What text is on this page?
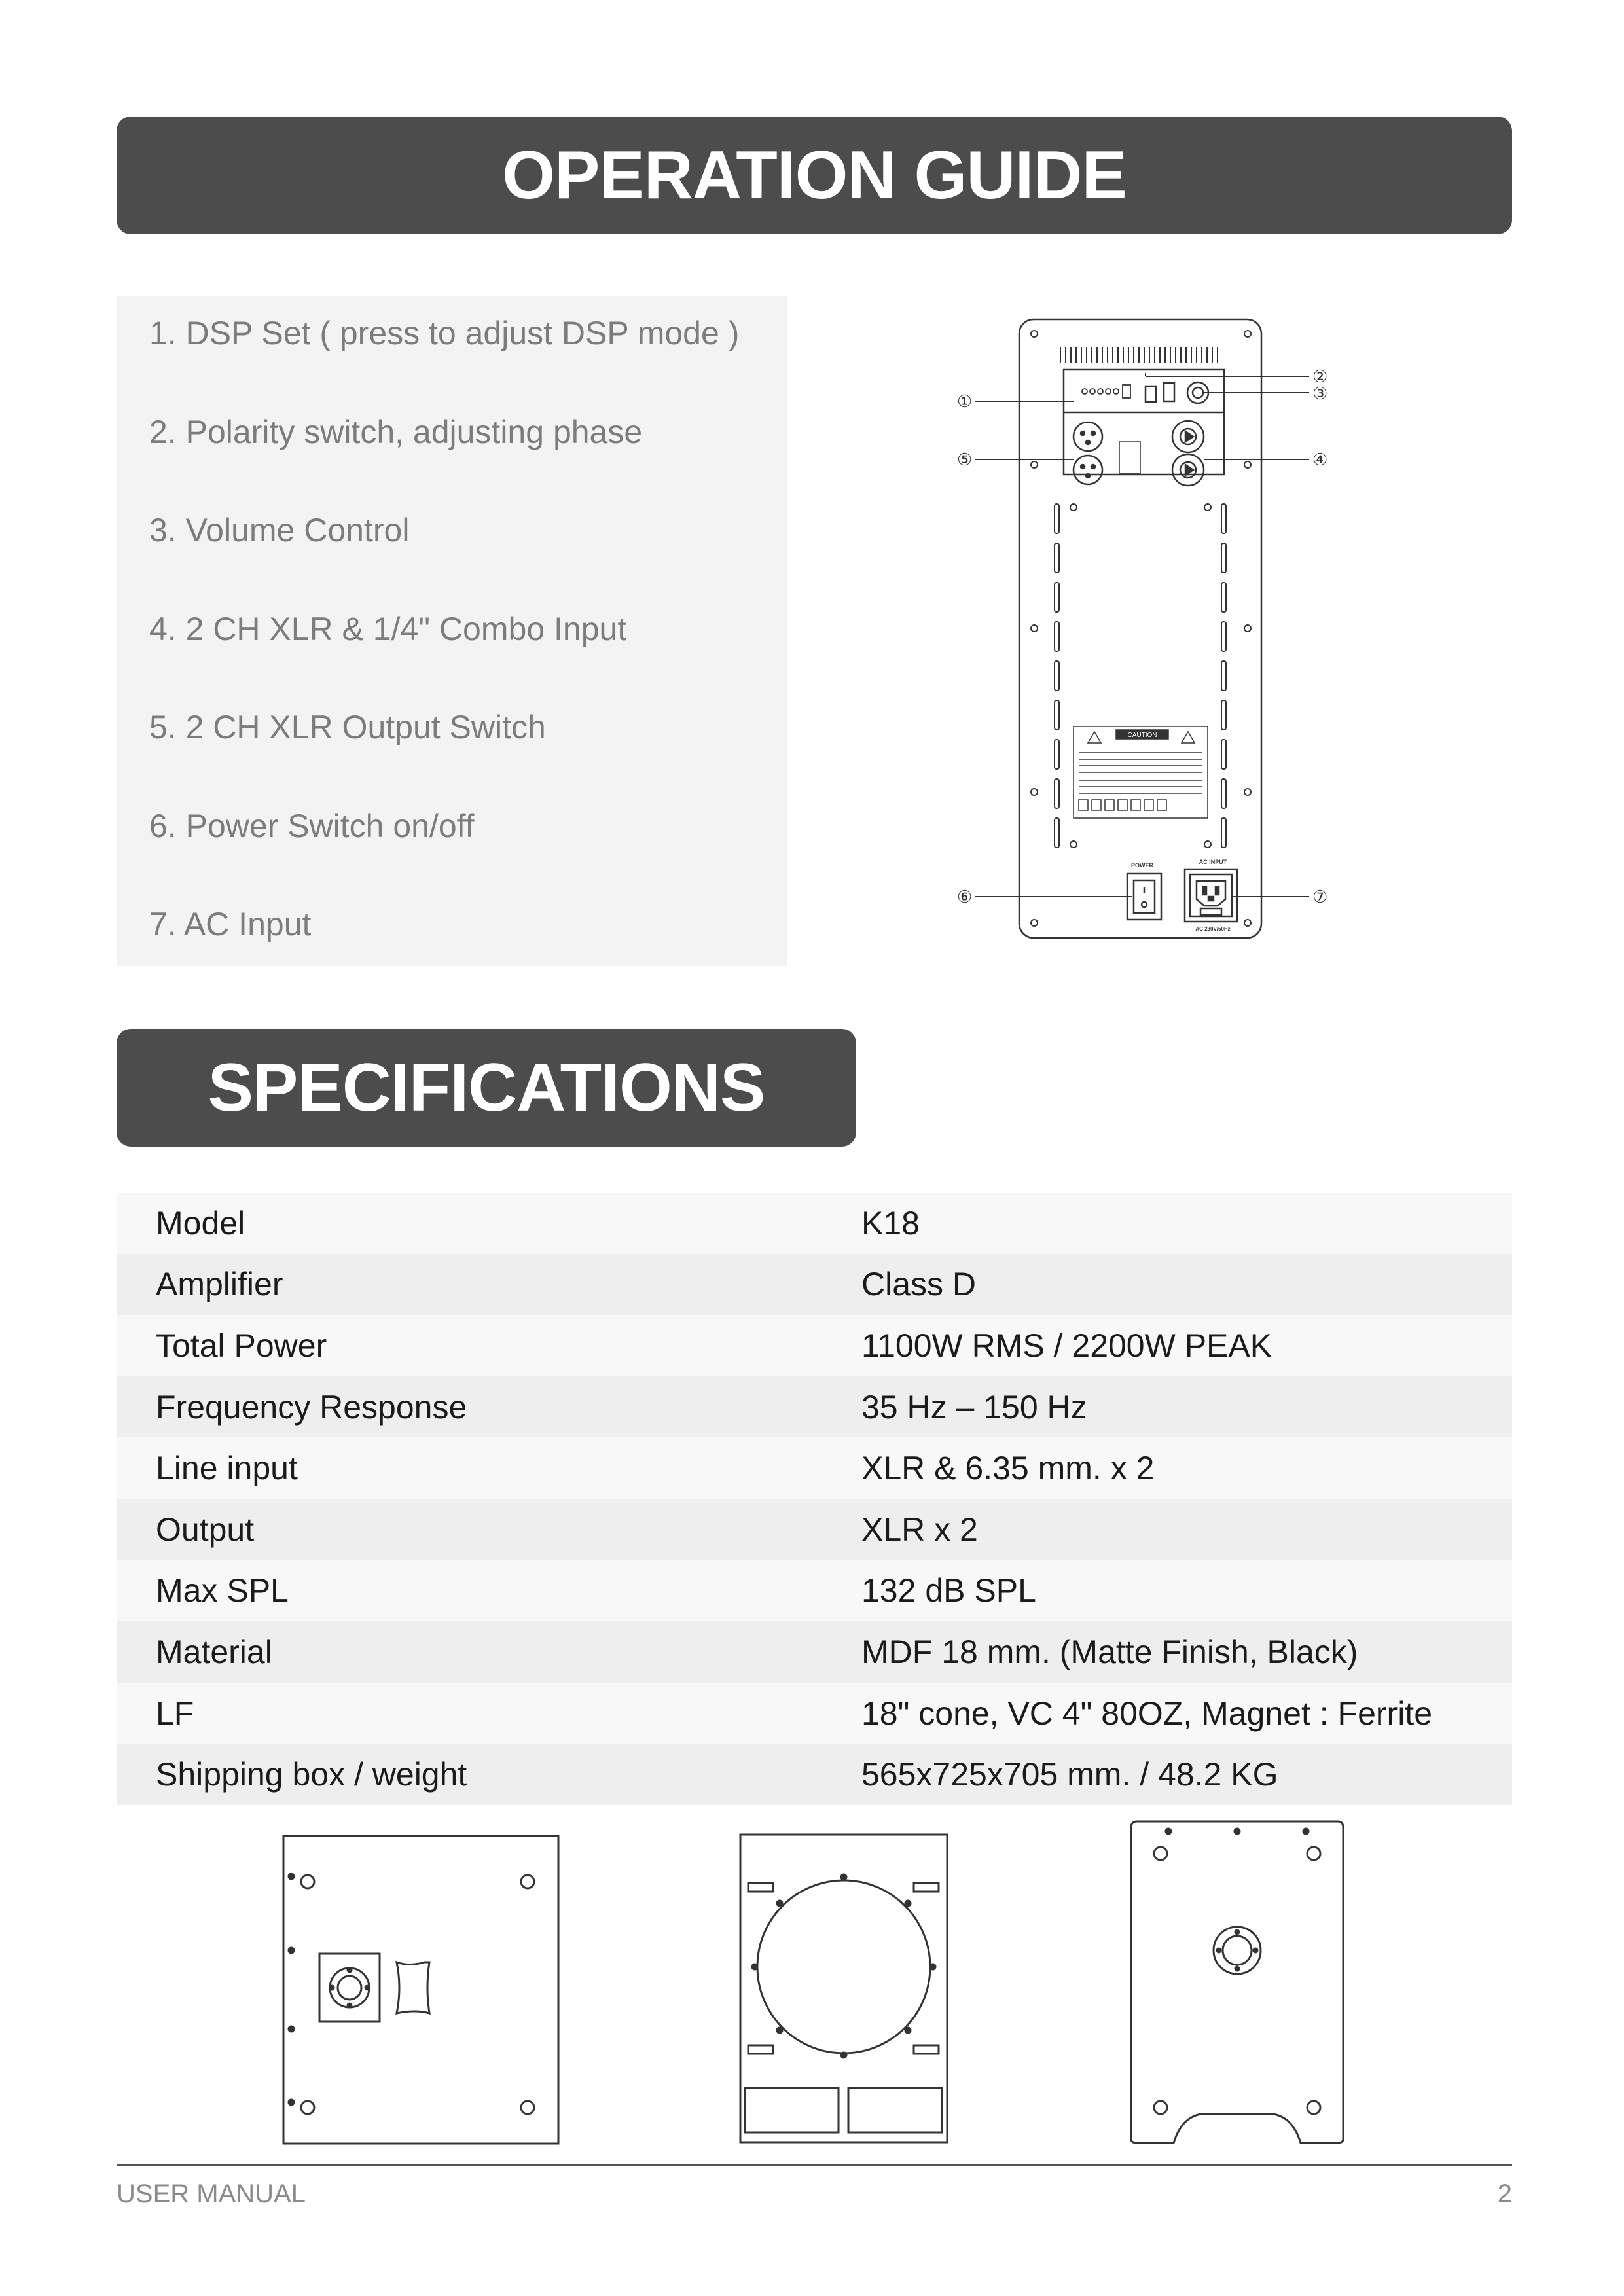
OPERATION GUIDE
1. DSP Set ( press to adjust DSP mode )
2. Polarity switch, adjusting phase
3. Volume Control
4. 2 CH XLR & 1/4" Combo Input
5. 2 CH XLR Output Switch
6. Power Switch on/off
7. AC Input
CAUTION
POWER	AC INPUT
AC 230V/50Hz
①
②
③
④
⑤
⑥	⑦
SPECIFICATIONS
Model	K18
Amplifier	Class D
Total Power	1100W RMS / 2200W PEAK
Frequency Response	35 Hz – 150 Hz
Line input	XLR & 6.35 mm. x 2
Output	XLR x 2
Max SPL	132 dB SPL
Material	MDF 18 mm. (Matte Finish, Black)
LF	18" cone, VC 4" 80OZ, Magnet : Ferrite
Shipping box / weight	565x725x705 mm. / 48.2 KG
USER MANUAL	2
